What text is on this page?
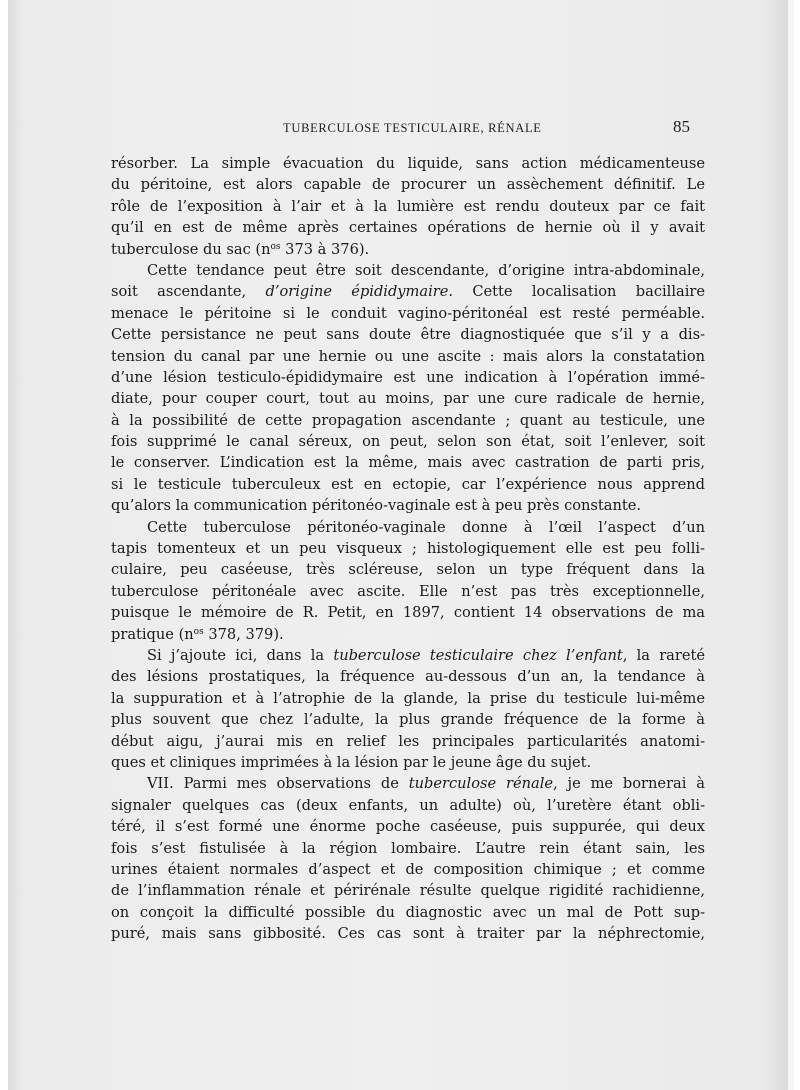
TUBERCULOSE TESTICULAIRE, RÉNALE	85
résorber. La simple évacuation du liquide, sans action médicamenteuse
du péritoine, est alors capable de procurer un assèchement définitif. Le
rôle de l’exposition à l’air et à la lumière est rendu douteux par ce fait
qu’il en est de même après certaines opérations de hernie où il y avait
tuberculose du sac ($n^{os}$ 373 à 376).
Cette tendance peut être soit descendante, d’origine intra-abdominale,
soit ascendante, d’origine épididymaire. Cette localisation bacillaire
menace le péritoine si le conduit vagino-péritonéal est resté perméable.
Cette persistance ne peut sans doute être diagnostiquée que s’il y a dis-
tension du canal par une hernie ou une ascite : mais alors la constatation
d’une lésion testiculo-épididymaire est une indication à l’opération immé-
diate, pour couper court, tout au moins, par une cure radicale de hernie,
à la possibilité de cette propagation ascendante ; quant au testicule, une
fois supprimé le canal séreux, on peut, selon son état, soit l’enlever, soit
le conserver. L’indication est la même, mais avec castration de parti pris,
si le testicule tuberculeux est en ectopie, car l’expérience nous apprend
qu’alors la communication péritonéo-vaginale est à peu près constante.
Cette tuberculose péritonéo-vaginale donne à l’œil l’aspect d’un
tapis tomenteux et un peu visqueux ; histologiquement elle est peu folli-
culaire, peu caséeuse, très scléreuse, selon un type fréquent dans la
tuberculose péritonéale avec ascite. Elle n’est pas très exceptionnelle,
puisque le mémoire de R. Petit, en 1897, contient 14 observations de ma
pratique ($n^{os}$ 378, 379).
Si j’ajoute ici, dans la tuberculose testiculaire chez l’enfant, la rareté
des lésions prostatiques, la fréquence au-dessous d’un an, la tendance à
la suppuration et à l’atrophie de la glande, la prise du testicule lui-même
plus souvent que chez l’adulte, la plus grande fréquence de la forme à
début aigu, j’aurai mis en relief les principales particularités anatomi-
ques et cliniques imprimées à la lésion par le jeune âge du sujet.
VII. Parmi mes observations de tuberculose rénale, je me bornerai à
signaler quelques cas (deux enfants, un adulte) où, l’uretère étant obli-
téré, il s’est formé une énorme poche caséeuse, puis suppurée, qui deux
fois s’est fistulisée à la région lombaire. L’autre rein étant sain, les
urines étaient normales d’aspect et de composition chimique ; et comme
de l’inflammation rénale et périrénale résulte quelque rigidité rachidienne,
on conçoit la difficulté possible du diagnostic avec un mal de Pott sup-
puré, mais sans gibbosité. Ces cas sont à traiter par la néphrectomie,
